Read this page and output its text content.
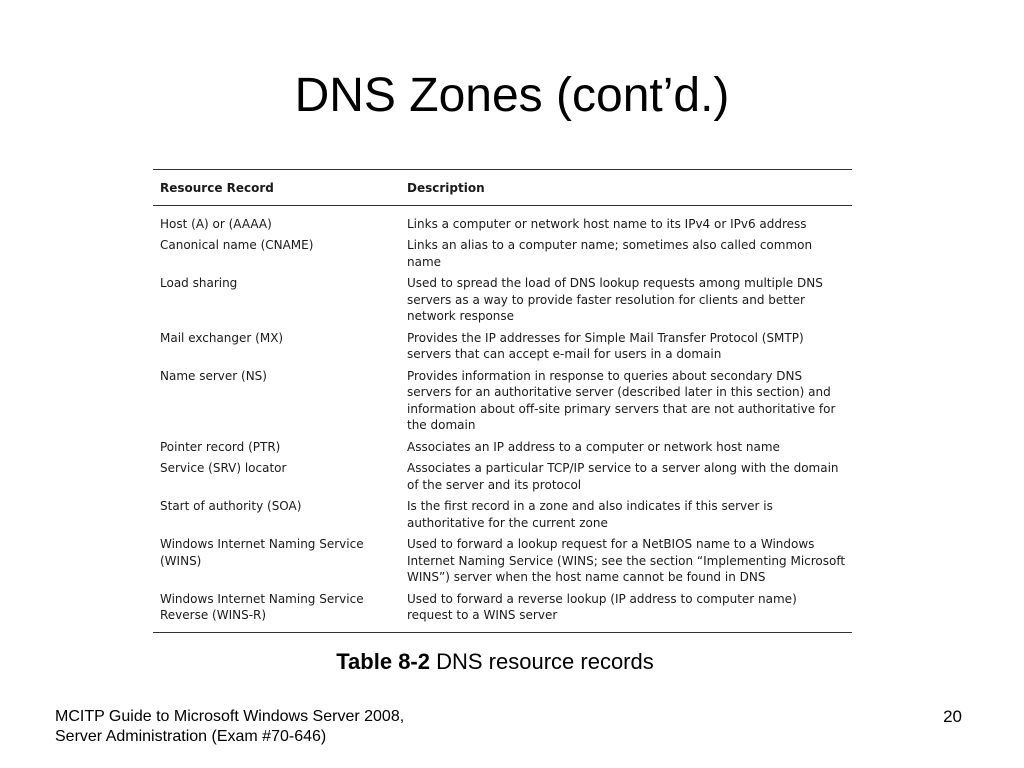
DNS Zones (cont’d.)
Resource Record	Description
Host (A) or (AAAA)	Links a computer or network host name to its IPv4 or IPv6 address
Canonical name (CNAME)	Links an alias to a computer name; sometimes also called common name
Load sharing	Used to spread the load of DNS lookup requests among multiple DNS servers as a way to provide faster resolution for clients and better network response
Mail exchanger (MX)	Provides the IP addresses for Simple Mail Transfer Protocol (SMTP) servers that can accept e-mail for users in a domain
Name server (NS)	Provides information in response to queries about secondary DNS servers for an authoritative server (described later in this section) and information about off-site primary servers that are not authoritative for the domain
Pointer record (PTR)	Associates an IP address to a computer or network host name
Service (SRV) locator	Associates a particular TCP/IP service to a server along with the domain of the server and its protocol
Start of authority (SOA)	Is the first record in a zone and also indicates if this server is authoritative for the current zone
Windows Internet Naming Service (WINS)	Used to forward a lookup request for a NetBIOS name to a Windows Internet Naming Service (WINS; see the section “Implementing Microsoft WINS”) server when the host name cannot be found in DNS
Windows Internet Naming Service Reverse (WINS-R)	Used to forward a reverse lookup (IP address to computer name) request to a WINS server
Table 8-2 DNS resource records
MCITP Guide to Microsoft Windows Server 2008,
Server Administration (Exam #70-646)
20
